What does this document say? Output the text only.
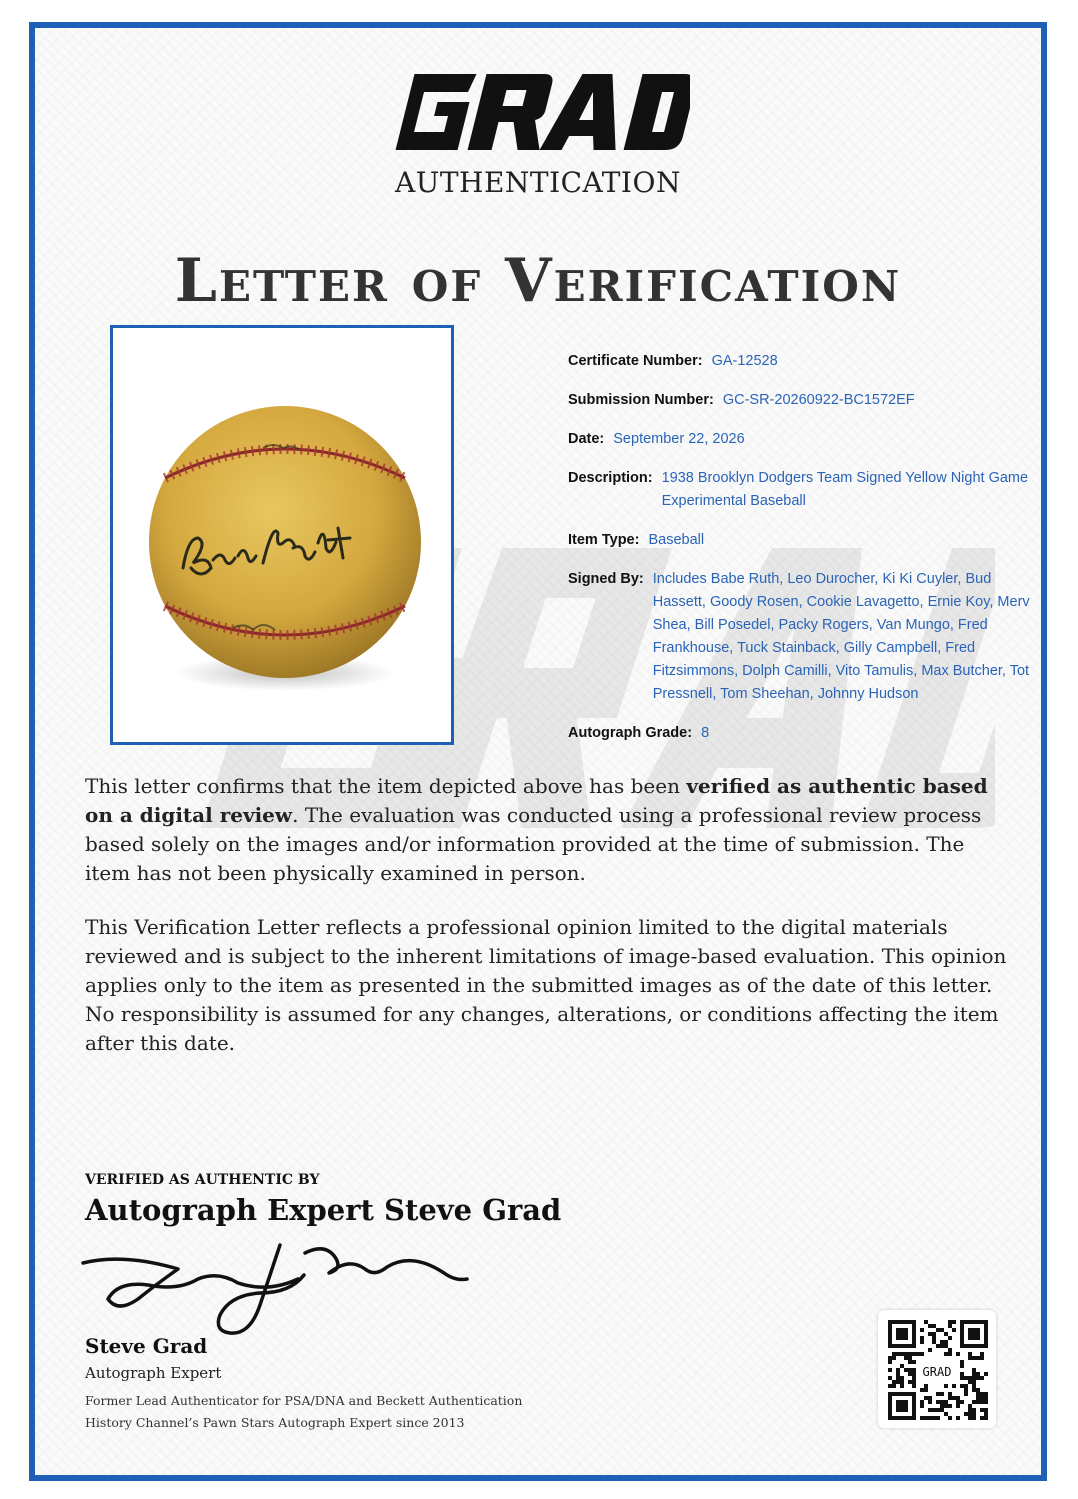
AUTHENTICATION
Letter of Verification
Certificate Number: GA-12528
Submission Number: GC-SR-20260922-BC1572EF
Date: September 22, 2026
Description: 1938 Brooklyn Dodgers Team Signed Yellow Night Game Experimental Baseball
Item Type: Baseball
Signed By: Includes Babe Ruth, Leo Durocher, Ki Ki Cuyler, Bud Hassett, Goody Rosen, Cookie Lavagetto, Ernie Koy, Merv Shea, Bill Posedel, Packy Rogers, Van Mungo, Fred Frankhouse, Tuck Stainback, Gilly Campbell, Fred Fitzsimmons, Dolph Camilli, Vito Tamulis, Max Butcher, Tot Pressnell, Tom Sheehan, Johnny Hudson
Autograph Grade: 8

This letter confirms that the item depicted above has been verified as authentic based on a digital review. The evaluation was conducted using a professional review process based solely on the images and/or information provided at the time of submission. The item has not been physically examined in person.

This Verification Letter reflects a professional opinion limited to the digital materials reviewed and is subject to the inherent limitations of image-based evaluation. This opinion applies only to the item as presented in the submitted images as of the date of this letter. No responsibility is assumed for any changes, alterations, or conditions affecting the item after this date.

VERIFIED AS AUTHENTIC BY
Autograph Expert Steve Grad
Steve Grad
Autograph Expert
Former Lead Authenticator for PSA/DNA and Beckett Authentication
History Channel’s Pawn Stars Autograph Expert since 2013
GRAD
